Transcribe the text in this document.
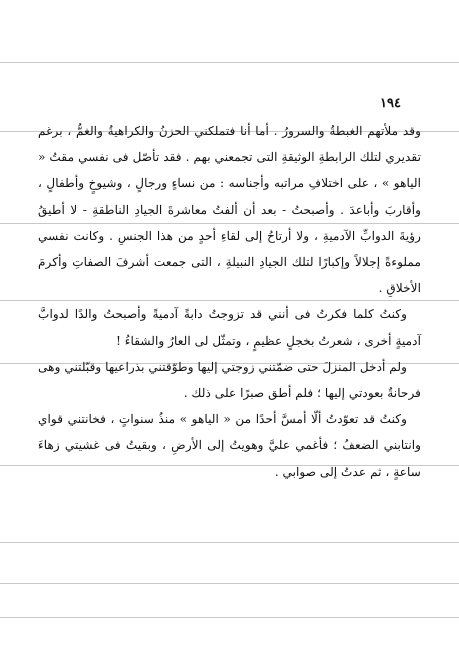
١٩٤

وقد ملأتهم الغبطةُ والسرورُ . أما أنا فتملكني الحزنُ والكراهيةُ والغمُّ ، برغم تقديري لتلك الرابطةِ الوثيقةِ التى تجمعني بهم . فقد تأصّل فى نفسي مقتُ « الياهو » ، على اختلافِ مراتبه وأجناسه : من نساءٍ ورجالٍ ، وشيوخٍ وأطفالٍ ، وأقاربَ وأباعدَ . وأصبحتُ - بعد أن ألفتُ معاشرةَ الجيادِ الناطقةِ - لا أطيقُ رؤيةَ الدوابِّ الآدميةِ ، ولا أرتاحُ إلى لقاءِ أحدٍ من هذا الجنسِ . وكانت نفسي مملوءةً إجلالاً وإكبارًا لتلك الجيادِ النبيلةِ ، التى جمعت أشرفَ الصفاتِ وأكرمَ الأخلاقِ .

وكنتُ كلما فكرتُ فى أنني قد تزوجتُ دابةً آدميةً وأصبحتُ والدًا لدوابَّ آدميةٍ أخرى ، شعرتُ بخجلٍ عظيمٍ ، وتمثّل لى العارُ والشقاءُ !

ولم أدخل المنزلَ حتى ضمّتني زوجتي إليها وطوّقتني بذراعيها وقبّلتني وهى فرحانةٌ بعودتي إليها ؛ فلم أطق صبرًا على ذلك .

وكنتُ قد تعوّدتُ ألّا أمسَّ أحدًا من « الياهو » منذُ سنواتٍ ، فخانتني قواي وانتابني الضعفُ ؛ فأغمي عليَّ وهويتُ إلى الأرضِ ، وبقيتُ فى غشيتي زهاءَ ساعةٍ ، ثم عدتُ إلى صوابي .
